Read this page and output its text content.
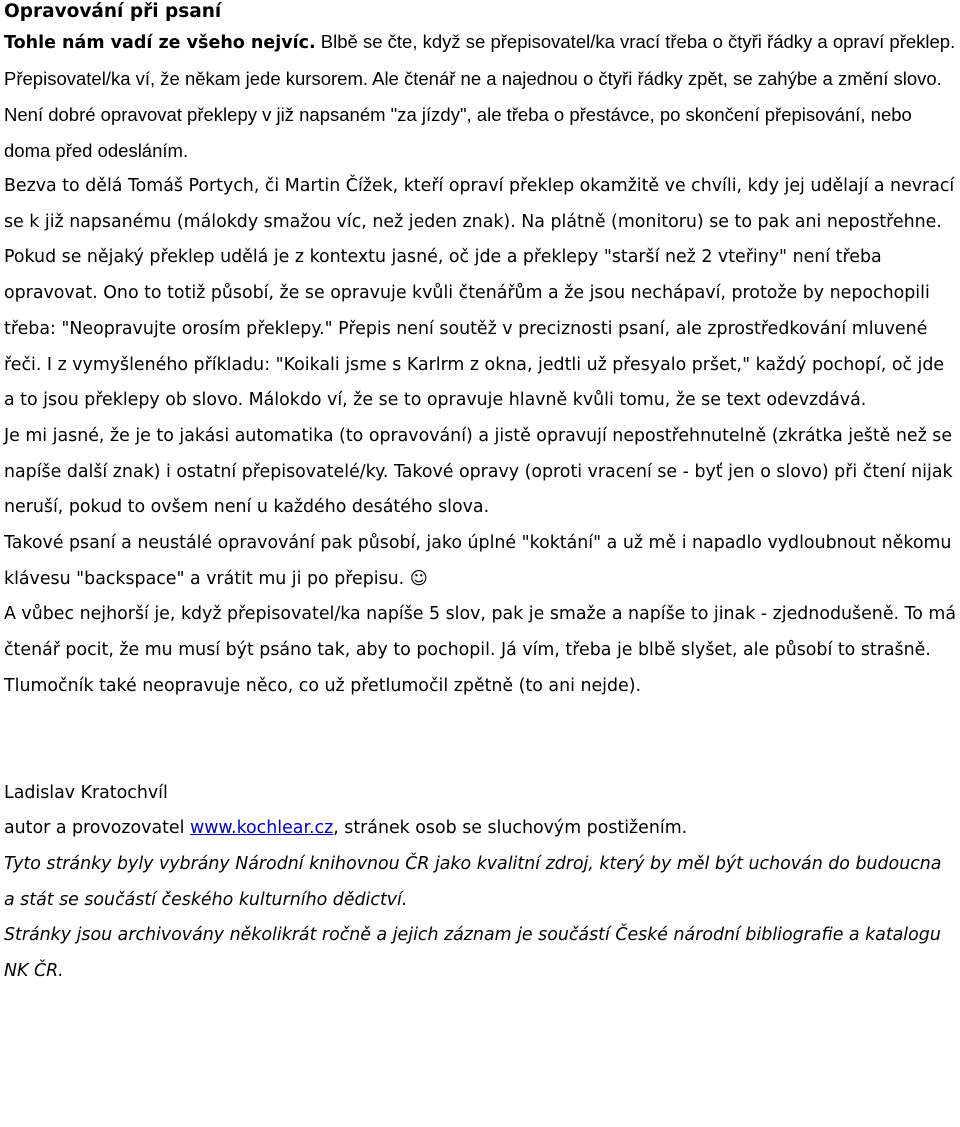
Opravování při psaní

Tohle nám vadí ze všeho nejvíc. Blbě se čte, když se přepisovatel/ka vrací třeba o čtyři řádky a opraví překlep. Přepisovatel/ka ví, že někam jede kursorem. Ale čtenář ne a najednou o čtyři řádky zpět, se zahýbe a změní slovo. Není dobré opravovat překlepy v již napsaném "za jízdy", ale třeba o přestávce, po skončení přepisování, nebo doma před odesláním.

Bezva to dělá Tomáš Portych, či Martin Čížek, kteří opraví překlep okamžitě ve chvíli, kdy jej udělají a nevrací se k již napsanému (málokdy smažou víc, než jeden znak). Na plátně (monitoru) se to pak ani nepostřehne.

Pokud se nějaký překlep udělá je z kontextu jasné, oč jde a překlepy "starší než 2 vteřiny" není třeba opravovat. Ono to totiž působí, že se opravuje kvůli čtenářům a že jsou nechápaví, protože by nepochopili třeba: "Neopravujte orosím překlepy." Přepis není soutěž v preciznosti psaní, ale zprostředkování mluvené řeči. I z vymyšleného příkladu: "Koikali jsme s Karlrm z okna, jedtli už přesyalo pršet," každý pochopí, oč jde a to jsou překlepy ob slovo. Málokdo ví, že se to opravuje hlavně kvůli tomu, že se text odevzdává.

Je mi jasné, že je to jakási automatika (to opravování) a jistě opravují nepostřehnutelně (zkrátka ještě než se napíše další znak) i ostatní přepisovatelé/ky. Takové opravy (oproti vracení se - byť jen o slovo) při čtení nijak neruší, pokud to ovšem není u každého desátého slova.

Takové psaní a neustálé opravování pak působí, jako úplné "koktání" a už mě i napadlo vydloubnout někomu klávesu "backspace" a vrátit mu ji po přepisu. ☺

A vůbec nejhorší je, když přepisovatel/ka napíše 5 slov, pak je smaže a napíše to jinak - zjednodušeně. To má čtenář pocit, že mu musí být psáno tak, aby to pochopil. Já vím, třeba je blbě slyšet, ale působí to strašně. Tlumočník také neopravuje něco, co už přetlumočil zpětně (to ani nejde).

Ladislav Kratochvíl
autor a provozovatel www.kochlear.cz, stránek osob se sluchovým postižením.
Tyto stránky byly vybrány Národní knihovnou ČR jako kvalitní zdroj, který by měl být uchován do budoucna a stát se součástí českého kulturního dědictví.
Stránky jsou archivovány několikrát ročně a jejich záznam je součástí České národní bibliografie a katalogu NK ČR.
